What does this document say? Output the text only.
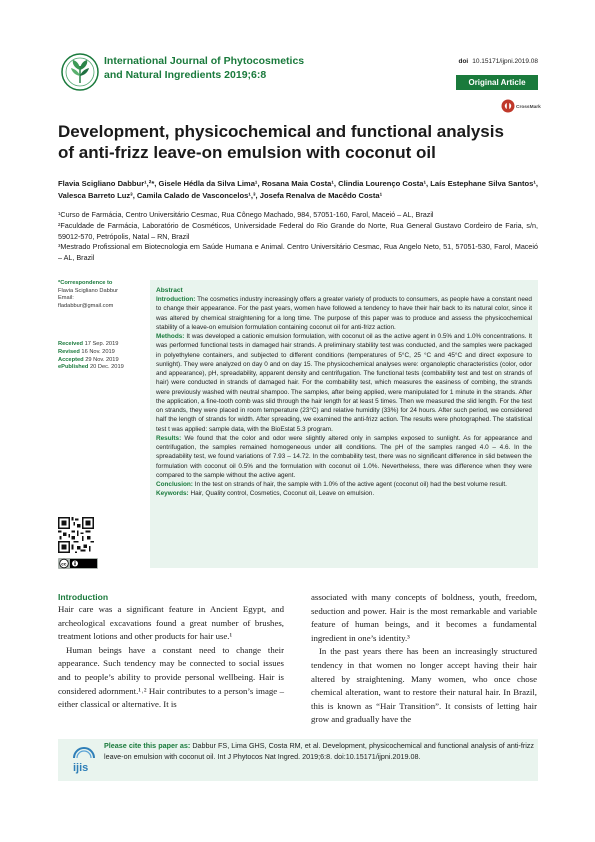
International Journal of Phytocosmetics
and Natural Ingredients 2019;6:8
doi 10.15171/ijpni.2019.08
Original Article
CrossMark
Development, physicochemical and functional analysis
of anti-frizz leave-on emulsion with coconut oil
Flavia Scigliano Dabbur¹,²*, Gisele Hédla da Silva Lima¹, Rosana Maia Costa¹, Clindia Lourenço Costa¹, Laís Estephane Silva Santos¹, Valesca Barreto Luz³, Camila Calado de Vasconcelos¹,³, Josefa Renalva de Macêdo Costa¹

¹Curso de Farmácia, Centro Universitário Cesmac, Rua Cônego Machado, 984, 57051-160, Farol, Maceió – AL, Brazil

²Faculdade de Farmácia, Laboratório de Cosméticos, Universidade Federal do Rio Grande do Norte, Rua General Gustavo Cordeiro de Faria, s/n, 59012-570, Petrópolis, Natal – RN, Brazil

³Mestrado Profissional em Biotecnologia em Saúde Humana e Animal. Centro Universitário Cesmac, Rua Angelo Neto, 51, 57051-530, Farol, Maceió – AL, Brazil

*Correspondence to
Flavia Scigliano Dabbur
Email:
fladabbur@gmail.com
Received 17 Sep. 2019
Revised 16 Nov. 2019
Accepted 29 Nov. 2019
ePublished 20 Dec. 2019
cc
Abstract

Introduction: The cosmetics industry increasingly offers a greater variety of products to consumers, as people have a constant need to change their appearance. For the past years, women have followed a tendency to have their hair back to its natural color, since it was altered by chemical straightening for a long time. The purpose of this paper was to produce and assess the physicochemical stability of a leave-on emulsion formulation containing coconut oil for anti-frizz action.

Methods: It was developed a cationic emulsion formulation, with coconut oil as the active agent in 0.5% and 1.0% concentrations. It was performed functional tests in damaged hair strands. A preliminary stability test was conducted, and the samples were packaged in polyethylene containers, and subjected to different conditions (temperatures of 5°C, 25 °C and 45°C and direct exposure to sunlight). They were analyzed on day 0 and on day 15. The physicochemical analyses were: organoleptic characteristics (color, odor and appearance), pH, spreadability, apparent density and centrifugation. The functional tests (combability test and test on strands of hair) were conducted in strands of damaged hair. For the combability test, which measures the easiness of combing, the strands were previously washed with neutral shampoo. The samples, after being applied, were manipulated for 1 minute in the strands. After the application, a fine-tooth comb was slid through the hair length for at least 5 times. Then we measured the slid length. For the test on strands, they were placed in room temperature (23°C) and relative humidity (33%) for 24 hours. After such period, we considered half the length of strands for width. After spreading, we examined the anti-frizz action. The results were photographed. The statistical test t was applied: sample data, with the BioEstat 5.3 program.

Results: We found that the color and odor were slightly altered only in samples exposed to sunlight. As for appearance and centrifugation, the samples remained homogeneous under alll conditions. The pH of the samples ranged 4.0 – 4.6. In the spreadability test, we found variations of 7.93 – 14.72. In the combability test, there was no significant difference in slid between the formulation with coconut oil 0.5% and the formulation with coconut oil 1.0%. Nevertheless, there was difference when they were compared to the sample without the active agent.

Conclusion: In the test on strands of hair, the sample with 1.0% of the active agent (coconut oil) had the best volume result.

Keywords: Hair, Quality control, Cosmetics, Coconut oil, Leave on emulsion.

Introduction

Hair care was a significant feature in Ancient Egypt, and archeological excavations found a great number of brushes, treatment lotions and other products for hair use.¹

Human beings have a constant need to change their appearance. Such tendency may be connected to social issues and to people’s ability to provide personal wellbeing. Hair is considered adornment.¹˒² Hair contributes to a person’s image – either classical or alternative. It is

associated with many concepts of boldness, youth, freedom, seduction and power. Hair is the most remarkable and variable feature of human beings, and it becomes a fundamental ingredient in one’s identity.³

In the past years there has been an increasingly structured tendency in that women no longer accept having their hair altered by straightening. Many women, who once chose chemical alteration, want to restore their natural hair. In Brazil, this is known as “Hair Transition”. It consists of letting hair grow and gradually have the

ijis
Please cite this paper as: Dabbur FS, Lima GHS, Costa RM, et al. Development, physicochemical and functional analysis of anti-frizz leave-on emulsion with coconut oil. Int J Phytocos Nat Ingred. 2019;6:8. doi:10.15171/ijpni.2019.08.
